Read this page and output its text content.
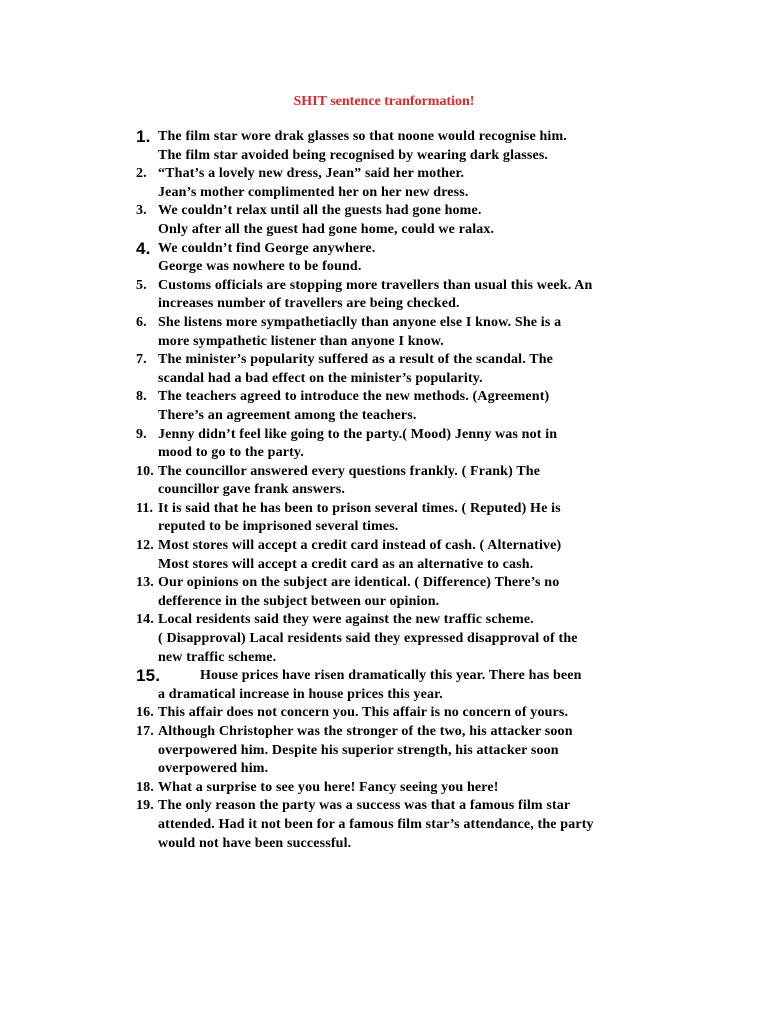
SHIT sentence tranformation!
1. The film star wore drak glasses so that noone would recognise him.
The film star avoided being recognised by wearing dark glasses.
2. “That’s a lovely new dress, Jean” said her mother.
Jean’s mother complimented her on her new dress.
3. We couldn’t relax until all the guests had gone home.
Only after all the guest had gone home, could we ralax.
4. We couldn’t find George anywhere.
George was nowhere to be found.
5. Customs officials are stopping more travellers than usual this week. An
increases number of travellers are being checked.
6. She listens more sympathetiaclly than anyone else I know. She is a
more sympathetic listener than anyone I know.
7. The minister’s popularity suffered as a result of the scandal. The
scandal had a bad effect on the minister’s popularity.
8. The teachers agreed to introduce the new methods. (Agreement)
There’s an agreement among the teachers.
9. Jenny didn’t feel like going to the party.( Mood) Jenny was not in
mood to go to the party.
10. The councillor answered every questions frankly. ( Frank) The
councillor gave frank answers.
11. It is said that he has been to prison several times. ( Reputed) He is
reputed to be imprisoned several times.
12. Most stores will accept a credit card instead of cash. ( Alternative)
Most stores will accept a credit card as an alternative to cash.
13. Our opinions on the subject are identical. ( Difference) There’s no
defference in the subject between our opinion.
14. Local residents said they were against the new traffic scheme.
( Disapproval) Lacal residents said they expressed disapproval of the
new traffic scheme.
15.	House prices have risen dramatically this year. There has been
a dramatical increase in house prices this year.
16. This affair does not concern you. This affair is no concern of yours.
17. Although Christopher was the stronger of the two, his attacker soon
overpowered him. Despite his superior strength, his attacker soon
overpowered him.
18. What a surprise to see you here! Fancy seeing you here!
19. The only reason the party was a success was that a famous film star
attended. Had it not been for a famous film star’s attendance, the party
would not have been successful.
